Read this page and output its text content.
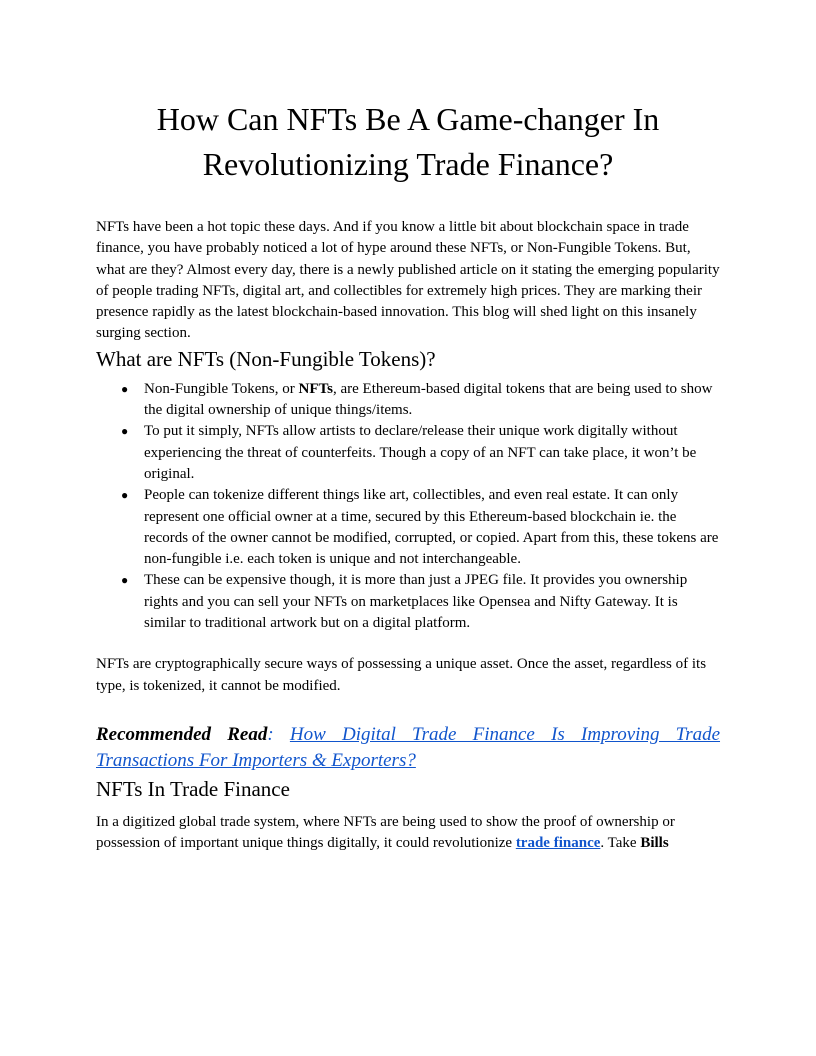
How Can NFTs Be A Game-changer In
Revolutionizing Trade Finance?

NFTs have been a hot topic these days. And if you know a little bit about blockchain space in trade finance, you have probably noticed a lot of hype around these NFTs, or Non-Fungible Tokens. But, what are they? Almost every day, there is a newly published article on it stating the emerging popularity of people trading NFTs, digital art, and collectibles for extremely high prices. They are marking their presence rapidly as the latest blockchain-based innovation. This blog will shed light on this insanely surging section.

What are NFTs (Non-Fungible Tokens)?
● Non-Fungible Tokens, or NFTs, are Ethereum-based digital tokens that are being used to show the digital ownership of unique things/items.
● To put it simply, NFTs allow artists to declare/release their unique work digitally without experiencing the threat of counterfeits. Though a copy of an NFT can take place, it won’t be original.
● People can tokenize different things like art, collectibles, and even real estate. It can only represent one official owner at a time, secured by this Ethereum-based blockchain ie. the records of the owner cannot be modified, corrupted, or copied. Apart from this, these tokens are non-fungible i.e. each token is unique and not interchangeable.
● These can be expensive though, it is more than just a JPEG file. It provides you ownership rights and you can sell your NFTs on marketplaces like Opensea and Nifty Gateway. It is similar to traditional artwork but on a digital platform.

NFTs are cryptographically secure ways of possessing a unique asset. Once the asset, regardless of its type, is tokenized, it cannot be modified.

Recommended Read: How Digital Trade Finance Is Improving Trade Transactions For Importers & Exporters?

NFTs In Trade Finance

In a digitized global trade system, where NFTs are being used to show the proof of ownership or possession of important unique things digitally, it could revolutionize trade finance. Take Bills
